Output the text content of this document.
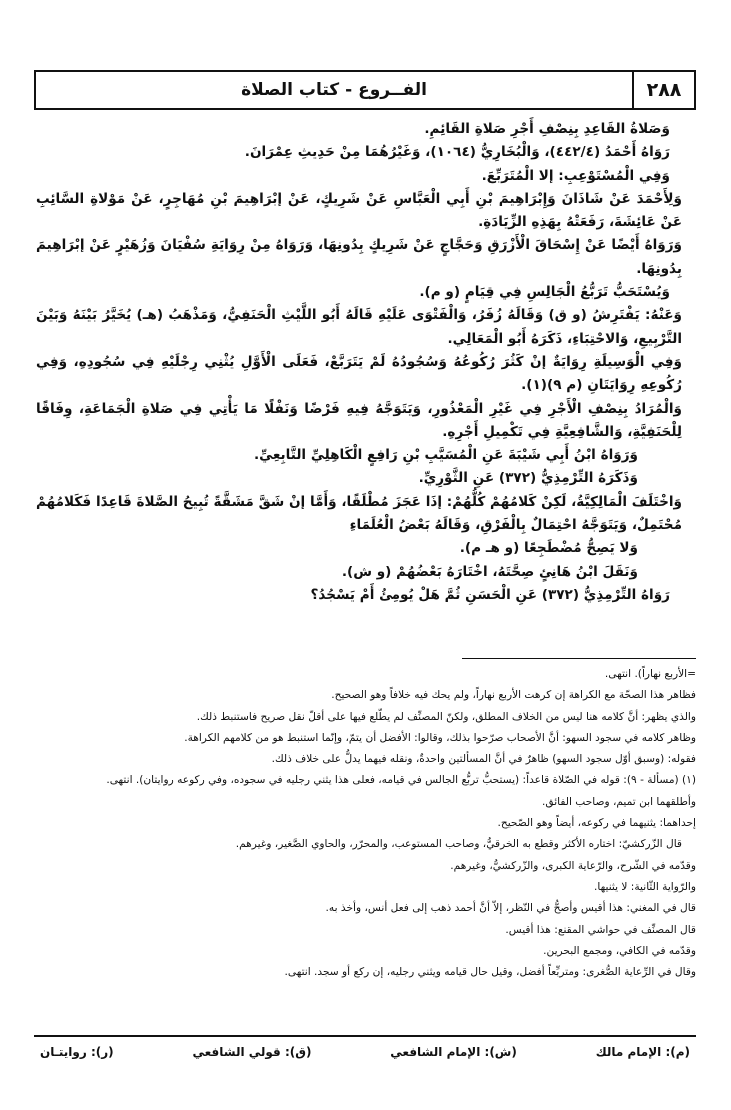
الفــروع - كتاب الصلاة	٢٨٨

وَصَلاةُ القَاعِدِ بِنِصْفِ أَجْرِ صَلاةِ القَائِمِ.

رَوَاهُ أَحْمَدُ (٤٤٢/٤)، وَالْبُخَارِيُّ (١٠٦٤)، وَغَيْرُهُمَا مِنْ حَدِيثِ عِمْرَانَ.

وَفِي الْمُسْتَوْعِبِ: إلا الْمُتَرَبِّعَ.

وَلِأَحْمَدَ عَنْ شَاذَانَ وَإِبْرَاهِيمَ بْنِ أَبِي الْعَبَّاسِ عَنْ شَرِيكٍ، عَنْ إبْرَاهِيمَ بْنِ مُهَاجِرٍ، عَنْ مَوْلاةِ السَّائِبِ عَنْ عَائِشَةَ، رَفَعَتْهُ بِهَذِهِ الزِّيَادَةِ.

وَرَوَاهُ أَيْضًا عَنْ إِسْحَاقَ الْأَزْرَقِ وَحَجَّاجٍ عَنْ شَرِيكٍ بِدُونِهَا، وَرَوَاهُ مِنْ رِوَايَةِ سُفْيَانَ وَزُهَيْرٍ عَنْ إبْرَاهِيمَ بِدُونِهَا.

وَيُسْتَحَبُّ تَرَبُّعُ الْجَالِسِ فِي قِيَامٍ (و م).

وَعَنْهُ: يَفْتَرِشُ (و ق) وَقَالَهُ زُفَرُ، وَالْفَتْوَى عَلَيْهِ قَالَهُ أَبُو اللَّيْثِ الْحَنَفِيُّ، وَمَذْهَبُ (هـ) يُخَيَّرُ بَيْنَهُ وَبَيْنَ التَّرْبِيعِ، وَالاحْتِبَاءِ، ذَكَرَهُ أَبُو الْمَعَالِي.

وَفِي الْوَسِيلَةِ رِوَايَةٌ إنْ كَثُرَ رُكُوعُهُ وَسُجُودُهُ لَمْ يَتَرَبَّعْ، فَعَلَى الْأَوَّلِ يُثْنِي رِجْلَيْهِ فِي سُجُودِهِ، وَفِي رُكُوعِهِ رِوَايَتَانِ (م ٩)(١).

وَالْمُرَادُ بِنِصْفِ الْأَجْرِ فِي غَيْرِ الْمَعْذُورِ، وَيَتَوَجَّهُ فِيهِ فَرْضًا وَنَفْلًا مَا يَأْتِي فِي صَلاةِ الْجَمَاعَةِ، وِفَاقًا لِلْحَنَفِيَّةِ، وَالشَّافِعِيَّةِ فِي تَكْمِيلِ أَجْرِهِ.

وَرَوَاهُ ابْنُ أَبِي شَيْبَةَ عَنِ الْمُسَيَّبِ بْنِ رَافِعٍ الْكَاهِلِيِّ التَّابِعِيِّ.

وَذَكَرَهُ التِّرْمِذِيُّ (٣٧٢) عَنِ الثَّوْرِيِّ.

وَاخْتَلَفَ الْمَالِكِيَّةُ، لَكِنْ كَلامُهُمْ كُلُّهُمْ: إذَا عَجَزَ مُطْلَقًا، وَأَمَّا إنْ شَقَّ مَشَقَّةً تُبِيحُ الصَّلاةَ قَاعِدًا فَكَلامُهُمْ مُحْتَمِلٌ، وَيَتَوَجَّهُ احْتِمَالٌ بِالْفَرْقِ، وَقَالَهُ بَعْضُ الْعُلَمَاءِ

وَلا يَصِحُّ مُضْطَجِعًا (و هـ م).

وَنَقَلَ ابْنُ هَانِئٍ صِحَّتَهُ، اخْتَارَهُ بَعْضُهُمْ (و ش).

رَوَاهُ التِّرْمِذِيُّ (٣٧٢) عَنِ الْحَسَنِ ثُمَّ هَلْ يُومِئُ أَمْ يَسْجُدُ؟

=الأربع نهاراً). انتهى.

فظاهر هذا الصحّة مع الكراهة إن كرهت الأربع نهاراً، ولم يحك فيه خلافاً وهو الصحيح.

والذي يظهر: أنَّ كلامه هنا ليس من الخلاف المطلق، ولكنّ المصنِّف لم يطّلع فيها على أقلّ نقل صريح فاستنبط ذلك.

وظاهر كلامه في سجود السهو: أنَّ الأصحاب صرّحوا بذلك، وقالوا: الأفضل أن يتمّ، وإنّما استنبط هو من كلامهم الكراهة.

فقوله: (وسبق أوّل سجود السهو) ظاهرٌ في أنَّ المسألتين واحدةٌ، ونقله فيهما يدلُّ على خلاف ذلك.

(١) (مسألة - ٩): قوله في الصّلاة قاعداً: (يستحبُّ تربُّع الجالس في قيامه، فعلى هذا يثني رجليه في سجوده، وفي ركوعه روايتان). انتهى.

وأطلقهما ابن تميم، وصاحب الفائق.

إحداهما: يثنيهما في ركوعه، أيضاً وهو الصّحيح.

قال الزّركشيّ: اختاره الأكثر وقطع به الخرقيُّ، وصاحب المستوعب، والمحرّر، والحاوي الصَّغير، وغيرهم.

وقدّمه في الشّرح، والرّعاية الكبرى، والزّركشيُّ، وغيرهم.

والرّواية الثّانية: لا يثنيها.

قال في المغني: هذا أقيس وأصحُّ في النّظر، إلاّ أنَّ أحمد ذهب إلى فعل أنس، وأخذ به.

قال المصنِّف في حواشي المقنع: هذا أقيس.

وقدّمه في الكافي، ومجمع البحرين.

وقال في الرِّعاية الصُّغرى: ومتربِّعاً أفضل، وقيل حال قيامه ويثني رجليه، إن ركع أو سجد. انتهى.

(م): الإمام مالك
(ش): الإمام الشافعي
(ق): قولي الشافعي
(ر): روايتـان
